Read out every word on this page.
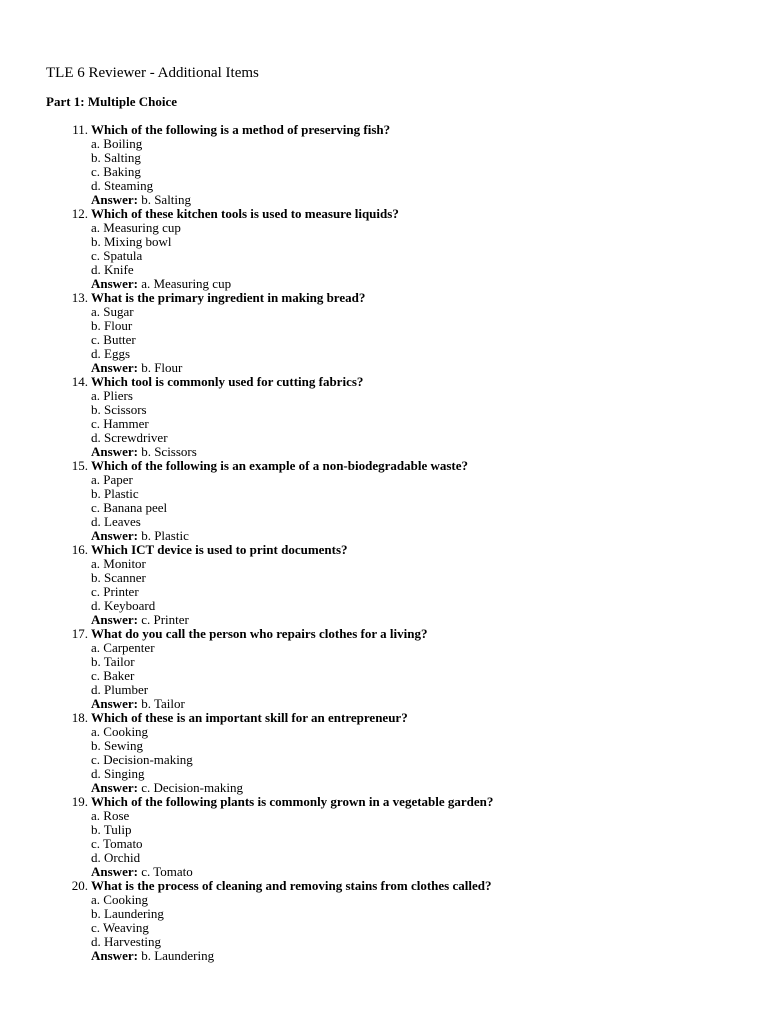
TLE 6 Reviewer - Additional Items
Part 1: Multiple Choice
11. Which of the following is a method of preserving fish?
a. Boiling
b. Salting
c. Baking
d. Steaming
Answer: b. Salting
12. Which of these kitchen tools is used to measure liquids?
a. Measuring cup
b. Mixing bowl
c. Spatula
d. Knife
Answer: a. Measuring cup
13. What is the primary ingredient in making bread?
a. Sugar
b. Flour
c. Butter
d. Eggs
Answer: b. Flour
14. Which tool is commonly used for cutting fabrics?
a. Pliers
b. Scissors
c. Hammer
d. Screwdriver
Answer: b. Scissors
15. Which of the following is an example of a non-biodegradable waste?
a. Paper
b. Plastic
c. Banana peel
d. Leaves
Answer: b. Plastic
16. Which ICT device is used to print documents?
a. Monitor
b. Scanner
c. Printer
d. Keyboard
Answer: c. Printer
17. What do you call the person who repairs clothes for a living?
a. Carpenter
b. Tailor
c. Baker
d. Plumber
Answer: b. Tailor
18. Which of these is an important skill for an entrepreneur?
a. Cooking
b. Sewing
c. Decision-making
d. Singing
Answer: c. Decision-making
19. Which of the following plants is commonly grown in a vegetable garden?
a. Rose
b. Tulip
c. Tomato
d. Orchid
Answer: c. Tomato
20. What is the process of cleaning and removing stains from clothes called?
a. Cooking
b. Laundering
c. Weaving
d. Harvesting
Answer: b. Laundering
